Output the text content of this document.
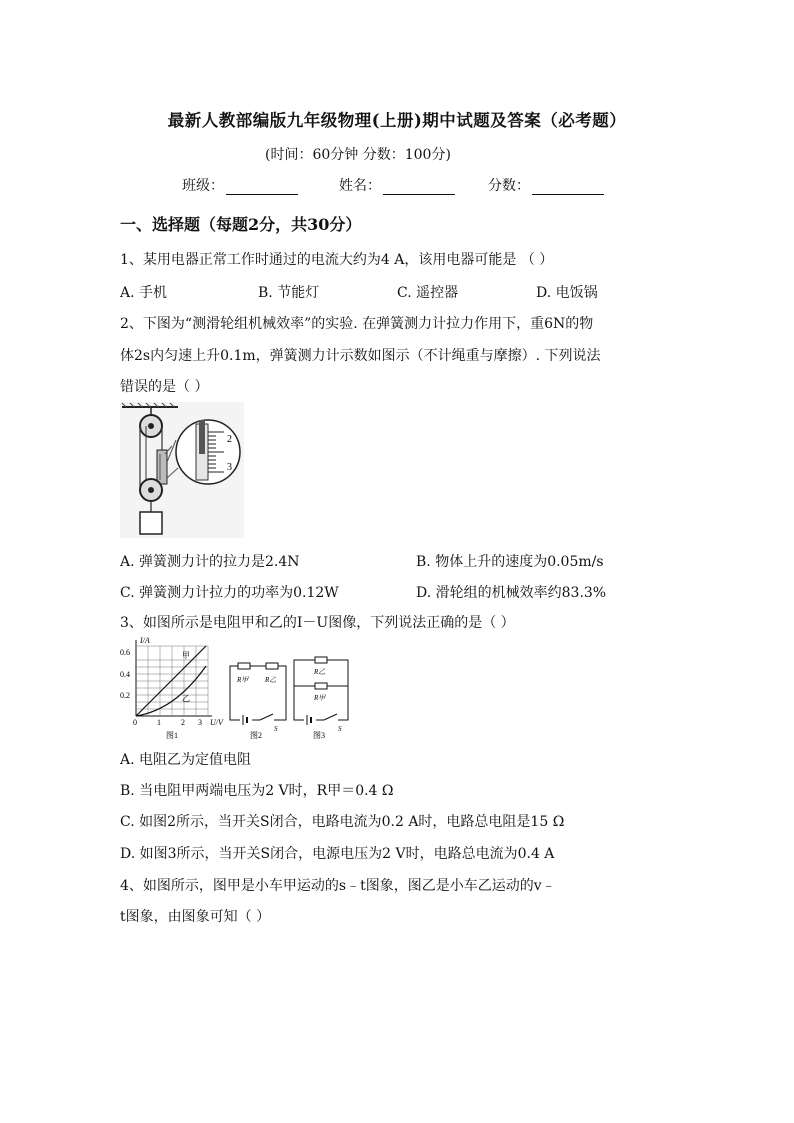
最新人教部编版九年级物理(上册)期中试题及答案（必考题）
(时间：60分钟 分数：100分)
班级：	姓名：	分数：
一、选择题（每题2分，共30分）
1、某用电器正常工作时通过的电流大约为4 A，该用电器可能是 （ ）
A. 手机	B. 节能灯	C. 遥控器	D. 电饭锅
2、下图为“测滑轮组机械效率”的实验. 在弹簧测力计拉力作用下，重6N的物
体2s内匀速上升0.1m，弹簧测力计示数如图示（不计绳重与摩擦）. 下列说法
错误的是（ ）
2
3
A. 弹簧测力计的拉力是2.4N	B. 物体上升的速度为0.05m/s
C. 弹簧测力计拉力的功率为0.12W	D. 滑轮组的机械效率约83.3%
3、如图所示是电阻甲和乙的I－U图像，下列说法正确的是（ ）
I/A
甲
乙
0.6
0.4
0.2
0	1	2 3 U/V
图1
R甲 R乙
S
图2
R乙
R甲
S
图3
A. 电阻乙为定值电阻
B. 当电阻甲两端电压为2 V时，R甲＝0.4 Ω
C. 如图2所示，当开关S闭合，电路电流为0.2 A时，电路总电阻是15 Ω
D. 如图3所示，当开关S闭合，电源电压为2 V时，电路总电流为0.4 A
4、如图所示，图甲是小车甲运动的s﹣t图象，图乙是小车乙运动的v﹣
t图象，由图象可知（ ）
